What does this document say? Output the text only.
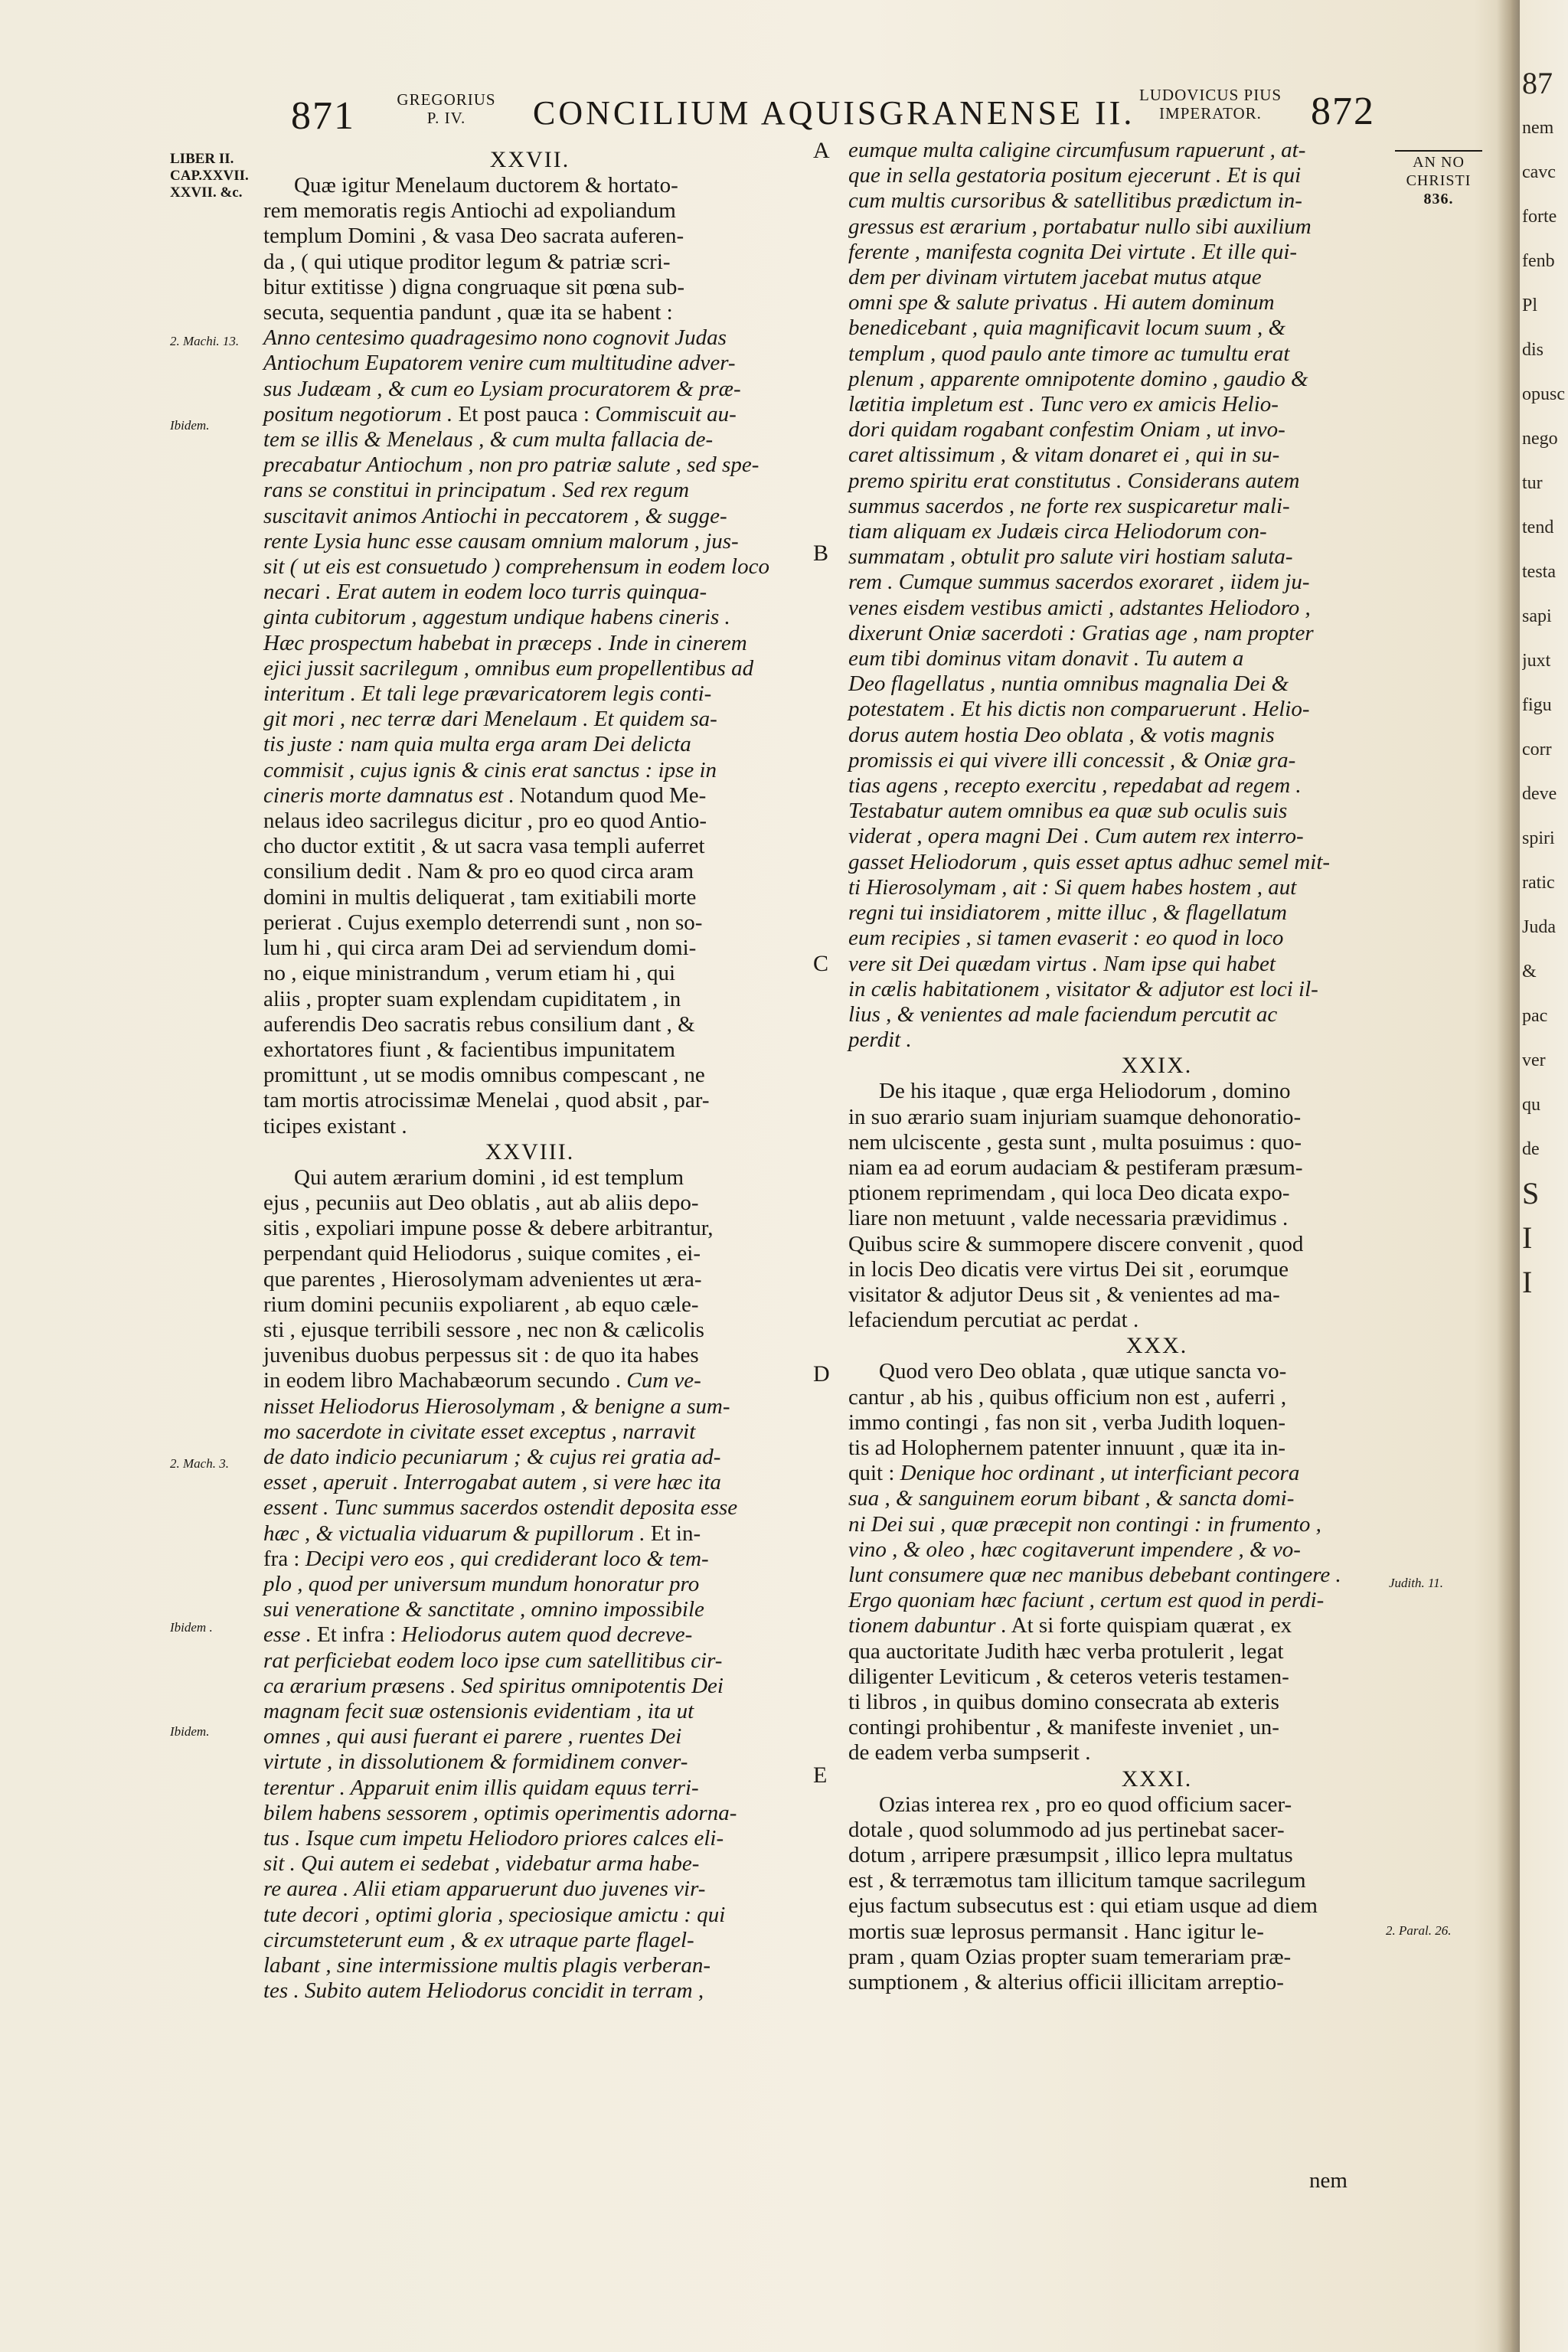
871	GREGORIUS
P. IV.	CONCILIUM AQUISGRANENSE II. LUDOVICUS PIUS
IMPERATOR.	872
LIBER II.
CAP.XXVII.
XXVII. &c.
2. Machi. 13.
Ibidem.
2. Mach. 3.
Ibidem .
Ibidem.
A
B
C
D
E
AN NO
CHRISTI
836.
Judith. 11.
2. Paral. 26.
XXVII.

Quæ igitur Menelaum ductorem & hortato-

rem memoratis regis Antiochi ad expoliandum

templum Domini , & vasa Deo sacrata auferen-

da , ( qui utique proditor legum & patriæ scri-

bitur extitisse ) digna congruaque sit pœna sub-

secuta, sequentia pandunt , quæ ita se habent :

Anno centesimo quadragesimo nono cognovit Judas

Antiochum Eupatorem venire cum multitudine adver-

sus Judæam , & cum eo Lysiam procuratorem & præ-

positum negotiorum . Et post pauca : Commiscuit au-

tem se illis & Menelaus , & cum multa fallacia de-

precabatur Antiochum , non pro patriæ salute , sed spe-

rans se constitui in principatum . Sed rex regum

suscitavit animos Antiochi in peccatorem , & sugge-

rente Lysia hunc esse causam omnium malorum , jus-

sit ( ut eis est consuetudo ) comprehensum in eodem loco

necari . Erat autem in eodem loco turris quinqua-

ginta cubitorum , aggestum undique habens cineris .

Hæc prospectum habebat in præceps . Inde in cinerem

ejici jussit sacrilegum , omnibus eum propellentibus ad

interitum . Et tali lege prævaricatorem legis conti-

git mori , nec terræ dari Menelaum . Et quidem sa-

tis juste : nam quia multa erga aram Dei delicta

commisit , cujus ignis & cinis erat sanctus : ipse in

cineris morte damnatus est . Notandum quod Me-

nelaus ideo sacrilegus dicitur , pro eo quod Antio-

cho ductor extitit , & ut sacra vasa templi auferret

consilium dedit . Nam & pro eo quod circa aram

domini in multis deliquerat , tam exitiabili morte

perierat . Cujus exemplo deterrendi sunt , non so-

lum hi , qui circa aram Dei ad serviendum domi-

no , eique ministrandum , verum etiam hi , qui

aliis , propter suam explendam cupiditatem , in

auferendis Deo sacratis rebus consilium dant , &

exhortatores fiunt , & facientibus impunitatem

promittunt , ut se modis omnibus compescant , ne

tam mortis atrocissimæ Menelai , quod absit , par-

ticipes existant .

XXVIII.

Qui autem ærarium domini , id est templum

ejus , pecuniis aut Deo oblatis , aut ab aliis depo-

sitis , expoliari impune posse & debere arbitrantur,

perpendant quid Heliodorus , suique comites , ei-

que parentes , Hierosolymam advenientes ut æra-

rium domini pecuniis expoliarent , ab equo cæle-

sti , ejusque terribili sessore , nec non & cælicolis

juvenibus duobus perpessus sit : de quo ita habes

in eodem libro Machabæorum secundo . Cum ve-

nisset Heliodorus Hierosolymam , & benigne a sum-

mo sacerdote in civitate esset exceptus , narravit

de dato indicio pecuniarum ; & cujus rei gratia ad-

esset , aperuit . Interrogabat autem , si vere hæc ita

essent . Tunc summus sacerdos ostendit deposita esse

hæc , & victualia viduarum & pupillorum . Et in-

fra : Decipi vero eos , qui crediderant loco & tem-

plo , quod per universum mundum honoratur pro

sui veneratione & sanctitate , omnino impossibile

esse . Et infra : Heliodorus autem quod decreve-

rat perficiebat eodem loco ipse cum satellitibus cir-

ca ærarium præsens . Sed spiritus omnipotentis Dei

magnam fecit suæ ostensionis evidentiam , ita ut

omnes , qui ausi fuerant ei parere , ruentes Dei

virtute , in dissolutionem & formidinem conver-

terentur . Apparuit enim illis quidam equus terri-

bilem habens sessorem , optimis operimentis adorna-

tus . Isque cum impetu Heliodoro priores calces eli-

sit . Qui autem ei sedebat , videbatur arma habe-

re aurea . Alii etiam apparuerunt duo juvenes vir-

tute decori , optimi gloria , speciosique amictu : qui

circumsteterunt eum , & ex utraque parte flagel-

labant , sine intermissione multis plagis verberan-

tes . Subito autem Heliodorus concidit in terram ,

eumque multa caligine circumfusum rapuerunt , at-

que in sella gestatoria positum ejecerunt . Et is qui

cum multis cursoribus & satellitibus prædictum in-

gressus est ærarium , portabatur nullo sibi auxilium

ferente , manifesta cognita Dei virtute . Et ille qui-

dem per divinam virtutem jacebat mutus atque

omni spe & salute privatus . Hi autem dominum

benedicebant , quia magnificavit locum suum , &

templum , quod paulo ante timore ac tumultu erat

plenum , apparente omnipotente domino , gaudio &

lætitia impletum est . Tunc vero ex amicis Helio-

dori quidam rogabant confestim Oniam , ut invo-

caret altissimum , & vitam donaret ei , qui in su-

premo spiritu erat constitutus . Considerans autem

summus sacerdos , ne forte rex suspicaretur mali-

tiam aliquam ex Judæis circa Heliodorum con-

summatam , obtulit pro salute viri hostiam saluta-

rem . Cumque summus sacerdos exoraret , iidem ju-

venes eisdem vestibus amicti , adstantes Heliodoro ,

dixerunt Oniæ sacerdoti : Gratias age , nam propter

eum tibi dominus vitam donavit . Tu autem a

Deo flagellatus , nuntia omnibus magnalia Dei &

potestatem . Et his dictis non comparuerunt . Helio-

dorus autem hostia Deo oblata , & votis magnis

promissis ei qui vivere illi concessit , & Oniæ gra-

tias agens , recepto exercitu , repedabat ad regem .

Testabatur autem omnibus ea quæ sub oculis suis

viderat , opera magni Dei . Cum autem rex interro-

gasset Heliodorum , quis esset aptus adhuc semel mit-

ti Hierosolymam , ait : Si quem habes hostem , aut

regni tui insidiatorem , mitte illuc , & flagellatum

eum recipies , si tamen evaserit : eo quod in loco

vere sit Dei quædam virtus . Nam ipse qui habet

in cælis habitationem , visitator & adjutor est loci il-

lius , & venientes ad male faciendum percutit ac

perdit .

XXIX.

De his itaque , quæ erga Heliodorum , domino

in suo ærario suam injuriam suamque dehonoratio-

nem ulciscente , gesta sunt , multa posuimus : quo-

niam ea ad eorum audaciam & pestiferam præsum-

ptionem reprimendam , qui loca Deo dicata expo-

liare non metuunt , valde necessaria prævidimus .

Quibus scire & summopere discere convenit , quod

in locis Deo dicatis vere virtus Dei sit , eorumque

visitator & adjutor Deus sit , & venientes ad ma-

lefaciendum percutiat ac perdat .

XXX.

Quod vero Deo oblata , quæ utique sancta vo-

cantur , ab his , quibus officium non est , auferri ,

immo contingi , fas non sit , verba Judith loquen-

tis ad Holophernem patenter innuunt , quæ ita in-

quit : Denique hoc ordinant , ut interficiant pecora

sua , & sanguinem eorum bibant , & sancta domi-

ni Dei sui , quæ præcepit non contingi : in frumento ,

vino , & oleo , hæc cogitaverunt impendere , & vo-

lunt consumere quæ nec manibus debebant contingere .

Ergo quoniam hæc faciunt , certum est quod in perdi-

tionem dabuntur . At si forte quispiam quærat , ex

qua auctoritate Judith hæc verba protulerit , legat

diligenter Leviticum , & ceteros veteris testamen-

ti libros , in quibus domino consecrata ab exteris

contingi prohibentur , & manifeste inveniet , un-

de eadem verba sumpserit .

XXXI.

Ozias interea rex , pro eo quod officium sacer-

dotale , quod solummodo ad jus pertinebat sacer-

dotum , arripere præsumpsit , illico lepra multatus

est , & terræmotus tam illicitum tamque sacrilegum

ejus factum subsecutus est : qui etiam usque ad diem

mortis suæ leprosus permansit . Hanc igitur le-

pram , quam Ozias propter suam temerariam præ-

sumptionem , & alterius officii illicitam arreptio-

nem
87
nem
cavc
forte
fenb
Pl
dis
opusc
nego
tur
tend
testa
sapi
juxt
figu
corr
deve
spiri
ratic
Juda
&
pac
ver
qu
de
S
I
I
